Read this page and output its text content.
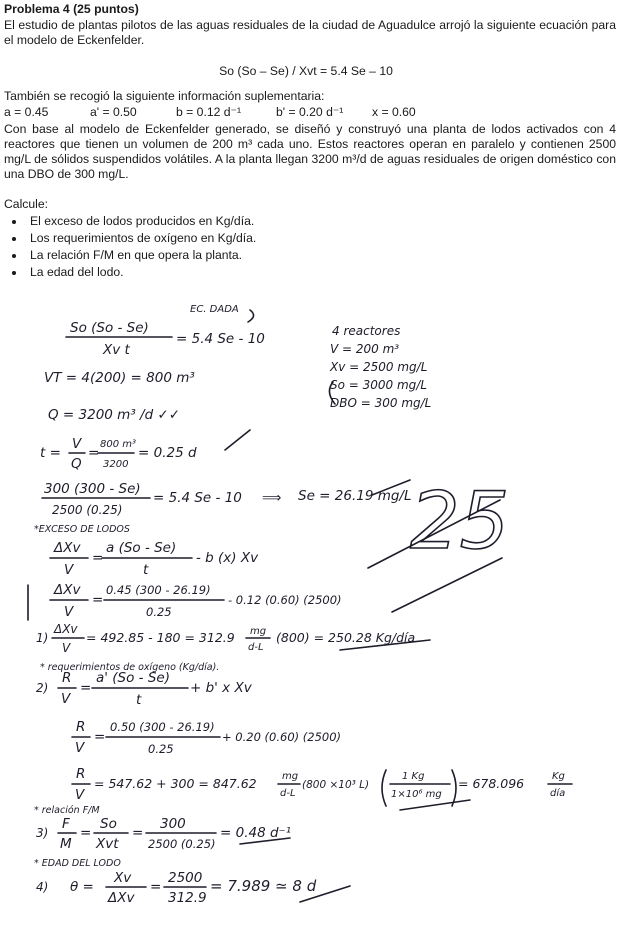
Problema 4 (25 puntos)
El estudio de plantas pilotos de las aguas residuales de la ciudad de Aguadulce arrojó la siguiente ecuación para el modelo de Eckenfelder.
So (So – Se) / Xvt = 5.4 Se – 10
También se recogió la siguiente información suplementaria:
a = 0.45	a' = 0.50	b = 0.12 d⁻¹	b' = 0.20 d⁻¹ x = 0.60
Con base al modelo de Eckenfelder generado, se diseñó y construyó una planta de lodos activados con 4 reactores que tienen un volumen de 200 m³ cada uno. Estos reactores operan en paralelo y contienen 2500 mg/L de sólidos suspendidos volátiles. A la planta llegan 3200 m³/d de aguas residuales de origen doméstico con una DBO de 300 mg/L.
Calcule:
• El exceso de lodos producidos en Kg/día.
• Los requerimientos de oxígeno en Kg/día.
• La relación F/M en que opera la planta.
• La edad del lodo.
EC. DADA
So (So - Se)
Xv t
= 5.4 Se - 10	4 reactores
V = 200 m³
Xv = 2500 mg/L
So = 3000 mg/L
DBO = 300 mg/L
VT = 4(200) = 800 m³
Q = 3200 m³ /d ✓✓
t =
V
Q
=
800 m³
3200
= 0.25 d
300 (300 - Se)
2500 (0.25)
= 5.4 Se - 10 ⟹ Se = 26.19 mg/L
25
*EXCESO DE LODOS
ΔXv
V
=
a (So - Se)
t
- b (x) Xv
ΔXv
V
=
0.45 (300 - 26.19)
0.25
- 0.12 (0.60) (2500)
1)
ΔXv
V
= 492.85 - 180 = 312.9 mg
d-L
(800) = 250.28 Kg/día
* requerimientos de oxígeno (Kg/día).
2)
R
V
=
a' (So - Se)
t
+ b' x Xv
R
V
=
0.50 (300 - 26.19)
0.25
+ 0.20 (0.60) (2500)
R
V
= 547.62 + 300 = 847.62	mg
d-L
(800 ×10³ L)
1 Kg
1×10⁶ mg
= 678.096	Kg
día
* relación F/M
3)
F
M
=
So
Xvt
=
300
2500 (0.25)
= 0.48 d⁻¹
* EDAD DEL LODO
4) θ =
Xv
ΔXv
=
2500
312.9
= 7.989 ≃ 8 d
